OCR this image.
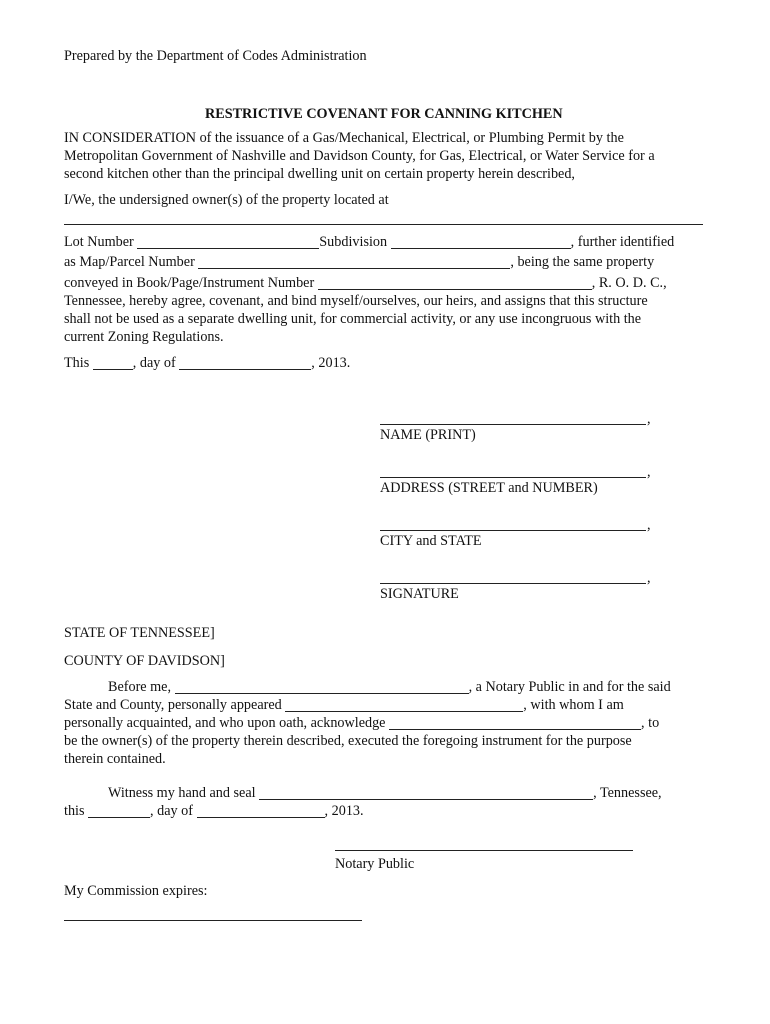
Prepared by the Department of Codes Administration
RESTRICTIVE COVENANT FOR CANNING KITCHEN
IN CONSIDERATION of the issuance of a Gas/Mechanical, Electrical, or Plumbing Permit by the
Metropolitan Government of Nashville and Davidson County, for Gas, Electrical, or Water Service for a
second kitchen other than the principal dwelling unit on certain property herein described,
I/We, the undersigned owner(s) of the property located at
Lot Number	Subdivision	, further identified
as Map/Parcel Number	, being the same property
conveyed in Book/Page/Instrument Number	, R. O. D. C.,
Tennessee, hereby agree, covenant, and bind myself/ourselves, our heirs, and assigns that this structure
shall not be used as a separate dwelling unit, for commercial activity, or any use incongruous with the
current Zoning Regulations.
This	, day of	, 2013.
,
NAME (PRINT)
,
ADDRESS (STREET and NUMBER)
,
CITY and STATE
,
SIGNATURE
STATE OF TENNESSEE]
COUNTY OF DAVIDSON]
Before me,	, a Notary Public in and for the said
State and County, personally appeared	, with whom I am
personally acquainted, and who upon oath, acknowledge	, to
be the owner(s) of the property therein described, executed the foregoing instrument for the purpose
therein contained.
Witness my hand and seal	, Tennessee,
this	, day of	, 2013.
Notary Public
My Commission expires:
